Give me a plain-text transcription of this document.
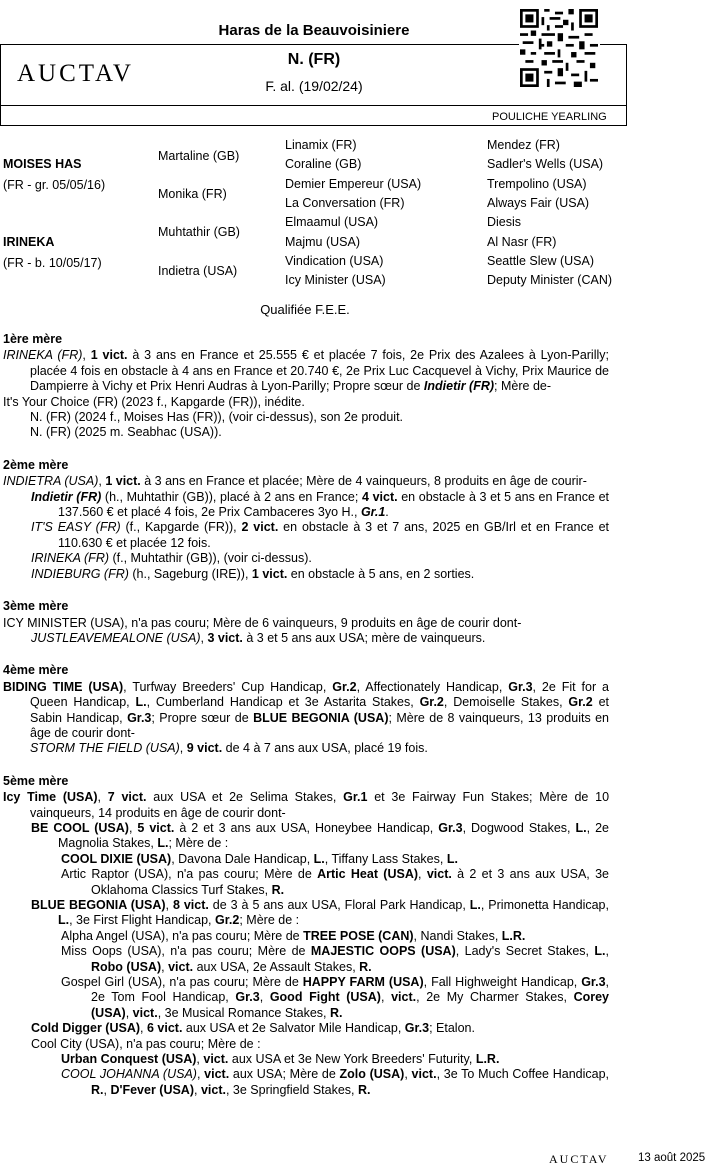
Haras de la Beauvoisiniere
AUCTAV
N. (FR)
F. al. (19/02/24)
POULICHE YEARLING
MOISES HAS
(FR - gr. 05/05/16)
IRINEKA
(FR - b. 10/05/17)
Martaline (GB)
Monika (FR)
Muhtathir (GB)
Indietra (USA)
Linamix (FR)
Coraline (GB)
Demier Empereur (USA)
La Conversation (FR)
Elmaamul (USA)
Majmu (USA)
Vindication (USA)
Icy Minister (USA)
Mendez (FR)
Sadler's Wells (USA)
Trempolino (USA)
Always Fair (USA)
Diesis
Al Nasr (FR)
Seattle Slew (USA)
Deputy Minister (CAN)
Qualifiée F.E.E.
1ère mère
IRINEKA (FR), 1 vict. à 3 ans en France et 25.555 € et placée 7 fois, 2e Prix des Azalees à Lyon-Parilly; placée 4 fois en obstacle à 4 ans en France et 20.740 €, 2e Prix Luc Cacquevel à Vichy, Prix Maurice de Dampierre à Vichy et Prix Henri Audras à Lyon-Parilly; Propre sœur de Indietir (FR); Mère de-
It's Your Choice (FR) (2023 f., Kapgarde (FR)), inédite.
N. (FR) (2024 f., Moises Has (FR)), (voir ci-dessus), son 2e produit.
N. (FR) (2025 m. Seabhac (USA)).
2ème mère
INDIETRA (USA), 1 vict. à 3 ans en France et placée; Mère de 4 vainqueurs, 8 produits en âge de courir-
Indietir (FR) (h., Muhtathir (GB)), placé à 2 ans en France; 4 vict. en obstacle à 3 et 5 ans en France et 137.560 € et placé 4 fois, 2e Prix Cambaceres 3yo H., Gr.1.
IT'S EASY (FR) (f., Kapgarde (FR)), 2 vict. en obstacle à 3 et 7 ans, 2025 en GB/Irl et en France et 110.630 € et placée 12 fois.
IRINEKA (FR) (f., Muhtathir (GB)), (voir ci-dessus).
INDIEBURG (FR) (h., Sageburg (IRE)), 1 vict. en obstacle à 5 ans, en 2 sorties.
3ème mère
ICY MINISTER (USA), n'a pas couru; Mère de 6 vainqueurs, 9 produits en âge de courir dont-
JUSTLEAVEMEALONE (USA), 3 vict. à 3 et 5 ans aux USA; mère de vainqueurs.
4ème mère
BIDING TIME (USA), Turfway Breeders' Cup Handicap, Gr.2, Affectionately Handicap, Gr.3, 2e Fit for a Queen Handicap, L., Cumberland Handicap et 3e Astarita Stakes, Gr.2, Demoiselle Stakes, Gr.2 et Sabin Handicap, Gr.3; Propre sœur de BLUE BEGONIA (USA); Mère de 8 vainqueurs, 13 produits en âge de courir dont-
STORM THE FIELD (USA), 9 vict. de 4 à 7 ans aux USA, placé 19 fois.
5ème mère
Icy Time (USA), 7 vict. aux USA et 2e Selima Stakes, Gr.1 et 3e Fairway Fun Stakes; Mère de 10 vainqueurs, 14 produits en âge de courir dont-
BE COOL (USA), 5 vict. à 2 et 3 ans aux USA, Honeybee Handicap, Gr.3, Dogwood Stakes, L., 2e Magnolia Stakes, L.; Mère de :
COOL DIXIE (USA), Davona Dale Handicap, L., Tiffany Lass Stakes, L.
Artic Raptor (USA), n'a pas couru; Mère de Artic Heat (USA), vict. à 2 et 3 ans aux USA, 3e Oklahoma Classics Turf Stakes, R.
BLUE BEGONIA (USA), 8 vict. de 3 à 5 ans aux USA, Floral Park Handicap, L., Primonetta Handicap, L., 3e First Flight Handicap, Gr.2; Mère de :
Alpha Angel (USA), n'a pas couru; Mère de TREE POSE (CAN), Nandi Stakes, L.R.
Miss Oops (USA), n'a pas couru; Mère de MAJESTIC OOPS (USA), Lady's Secret Stakes, L., Robo (USA), vict. aux USA, 2e Assault Stakes, R.
Gospel Girl (USA), n'a pas couru; Mère de HAPPY FARM (USA), Fall Highweight Handicap, Gr.3, 2e Tom Fool Handicap, Gr.3, Good Fight (USA), vict., 2e My Charmer Stakes, Corey (USA), vict., 3e Musical Romance Stakes, R.
Cold Digger (USA), 6 vict. aux USA et 2e Salvator Mile Handicap, Gr.3; Etalon.
Cool City (USA), n'a pas couru; Mère de :
Urban Conquest (USA), vict. aux USA et 3e New York Breeders' Futurity, L.R.
COOL JOHANNA (USA), vict. aux USA; Mère de Zolo (USA), vict., 3e To Much Coffee Handicap, R., D'Fever (USA), vict., 3e Springfield Stakes, R.
AUCTAV	13 août 2025
